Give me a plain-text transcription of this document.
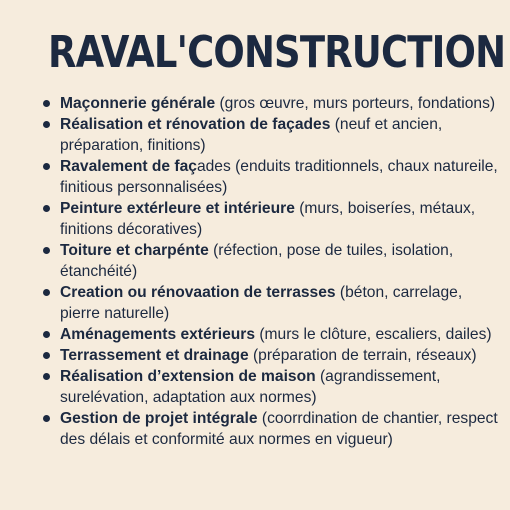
RAVAL'CONSTRUCTION
Maçonnerie générale (gros œuvre, murs porteurs, fondations)
Réalisation et rénovation de façades (neuf et ancien, préparation, finitions)
Ravalement de façades (enduits traditionnels, chaux natureile, finitious personnalisées)
Peinture extérleure et intérieure (murs, boiseríes, métaux, finitions décoratives)
Toiture et charpénte (réfection, pose de tuiles, isolation, étanchéité)
Creation ou rénovaation de terrasses (béton, carrelage, pierre naturelle)
Aménagements extérieurs (murs le clôture, escaliers, dailes)
Terrassement et drainage (préparation de terrain, réseaux)
Réalisation d’extension de maison (agrandissement, surelévation, adaptation aux normes)
Gestion de projet intégrale (coorrdination de chantier, respect des délais et conformité aux normes en vigueur)
